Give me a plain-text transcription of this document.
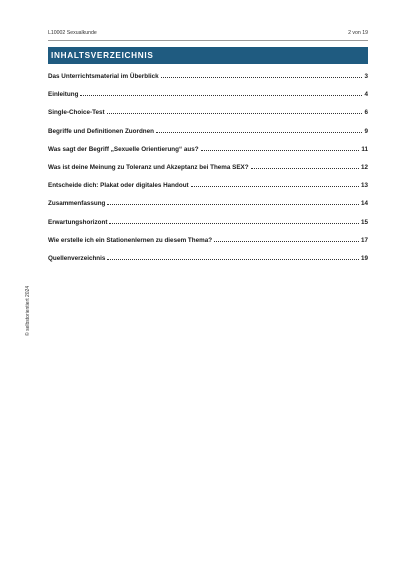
L10002 Sexualkunde	2 von 19
INHALTSVERZEICHNIS
Das Unterrichtsmaterial im Überblick	3
Einleitung	4
Single-Choice-Test	6
Begriffe und Definitionen Zuordnen	9
Was sagt der Begriff „Sexuelle Orientierung“ aus?	11
Was ist deine Meinung zu Toleranz und Akzeptanz bei Thema SEX?	12
Entscheide dich: Plakat oder digitales Handout	13
Zusammenfassung	14
Erwartungshorizont	15
Wie erstelle ich ein Stationenlernen zu diesem Thema?	17
Quellenverzeichnis	19
© selbstorientiert 2024
